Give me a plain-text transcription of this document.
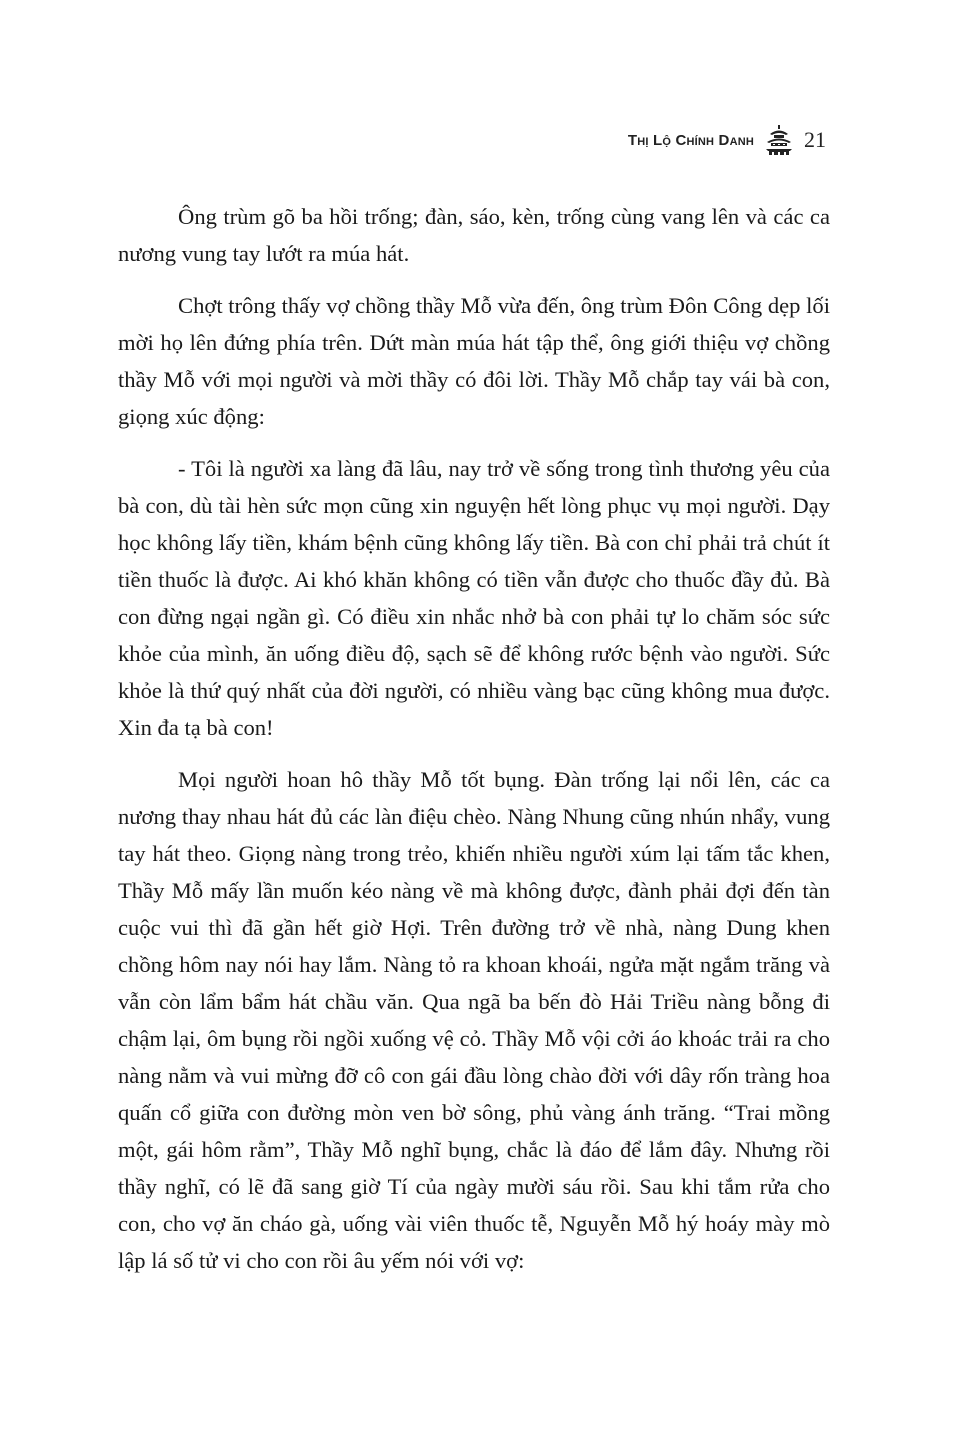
Thị Lộ Chính Danh 21

Ông trùm gõ ba hồi trống; đàn, sáo, kèn, trống cùng vang lên và các ca nương vung tay lướt ra múa hát.

Chợt trông thấy vợ chồng thầy Mỗ vừa đến, ông trùm Đôn Công dẹp lối mời họ lên đứng phía trên. Dứt màn múa hát tập thể, ông giới thiệu vợ chồng thầy Mỗ với mọi người và mời thầy có đôi lời. Thầy Mỗ chắp tay vái bà con, giọng xúc động:

- Tôi là người xa làng đã lâu, nay trở về sống trong tình thương yêu của bà con, dù tài hèn sức mọn cũng xin nguyện hết lòng phục vụ mọi người. Dạy học không lấy tiền, khám bệnh cũng không lấy tiền. Bà con chỉ phải trả chút ít tiền thuốc là được. Ai khó khăn không có tiền vẫn được cho thuốc đầy đủ. Bà con đừng ngại ngần gì. Có điều xin nhắc nhở bà con phải tự lo chăm sóc sức khỏe của mình, ăn uống điều độ, sạch sẽ để không rước bệnh vào người. Sức khỏe là thứ quý nhất của đời người, có nhiều vàng bạc cũng không mua được. Xin đa tạ bà con!

Mọi người hoan hô thầy Mỗ tốt bụng. Đàn trống lại nổi lên, các ca nương thay nhau hát đủ các làn điệu chèo. Nàng Nhung cũng nhún nhẩy, vung tay hát theo. Giọng nàng trong trẻo, khiến nhiều người xúm lại tấm tắc khen, Thầy Mỗ mấy lần muốn kéo nàng về mà không được, đành phải đợi đến tàn cuộc vui thì đã gần hết giờ Hợi. Trên đường trở về nhà, nàng Dung khen chồng hôm nay nói hay lắm. Nàng tỏ ra khoan khoái, ngửa mặt ngắm trăng và vẫn còn lẩm bẩm hát chầu văn. Qua ngã ba bến đò Hải Triều nàng bỗng đi chậm lại, ôm bụng rồi ngồi xuống vệ cỏ. Thầy Mỗ vội cởi áo khoác trải ra cho nàng nằm và vui mừng đỡ cô con gái đầu lòng chào đời với dây rốn tràng hoa quấn cổ giữa con đường mòn ven bờ sông, phủ vàng ánh trăng. “Trai mồng một, gái hôm rằm”, Thầy Mỗ nghĩ bụng, chắc là đáo để lắm đây. Nhưng rồi thầy nghĩ, có lẽ đã sang giờ Tí của ngày mười sáu rồi. Sau khi tắm rửa cho con, cho vợ ăn cháo gà, uống vài viên thuốc tễ, Nguyễn Mỗ hý hoáy mày mò lập lá số tử vi cho con rồi âu yếm nói với vợ:
